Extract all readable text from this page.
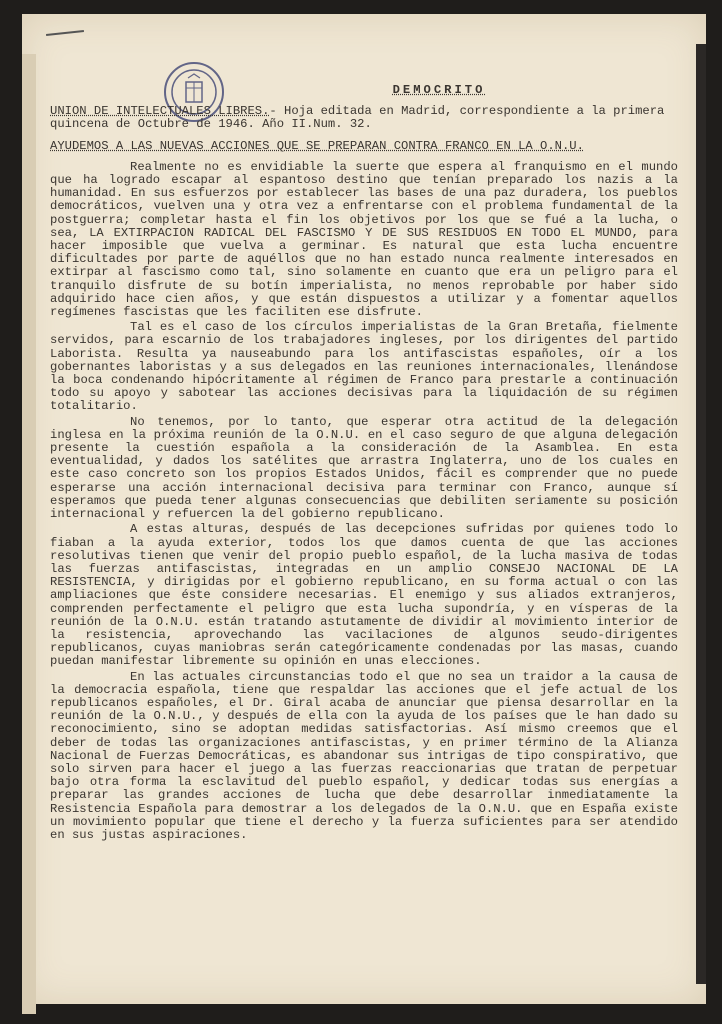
DEMOCRITO
UNION DE INTELECTUALES LIBRES.- Hoja editada en Madrid, correspondiente a la primera quincena de Octubre de 1946. Año II.Num. 32.
AYUDEMOS A LAS NUEVAS ACCIONES QUE SE PREPARAN CONTRA FRANCO EN LA O.N.U.

Realmente no es envidiable la suerte que espera al franquismo en el mundo que ha logrado escapar al espantoso destino que tenían preparado los nazis a la humanidad. En sus esfuerzos por establecer las bases de una paz duradera, los pueblos democráticos, vuelven una y otra vez a enfrentarse con el problema fundamental de la postguerra; completar hasta el fin los objetivos por los que se fué a la lucha, o sea, LA EXTIRPACION RADICAL DEL FASCISMO Y DE SUS RESIDUOS EN TODO EL MUNDO, para hacer imposible que vuelva a germinar. Es natural que esta lucha encuentre dificultades por parte de aquéllos que no han estado nunca realmente interesados en extirpar al fascismo como tal, sino solamente en cuanto que era un peligro para el tranquilo disfrute de su botín imperialista, no menos reprobable por haber sido adquirido hace cien años, y que están dispuestos a utilizar y a fomentar aquellos regímenes fascistas que les faciliten ese disfrute.

Tal es el caso de los círculos imperialistas de la Gran Bretaña, fielmente servidos, para escarnio de los trabajadores ingleses, por los dirigentes del partido Laborista. Resulta ya nauseabundo para los antifascistas españoles, oír a los gobernantes laboristas y a sus delegados en las reuniones internacionales, llenándose la boca condenando hipócritamente al régimen de Franco para prestarle a continuación todo su apoyo y sabotear las acciones decisivas para la liquidación de su régimen totalitario.

No tenemos, por lo tanto, que esperar otra actitud de la delegación inglesa en la próxima reunión de la O.N.U. en el caso seguro de que alguna delegación presente la cuestión española a la consideración de la Asamblea. En esta eventualidad, y dados los satélites que arrastra Inglaterra, uno de los cuales en este caso concreto son los propios Estados Unidos, fácil es comprender que no puede esperarse una acción internacional decisiva para terminar con Franco, aunque sí esperamos que pueda tener algunas consecuencias que debiliten seriamente su posición internacional y refuercen la del gobierno republicano.

A estas alturas, después de las decepciones sufridas por quienes todo lo fiaban a la ayuda exterior, todos los que damos cuenta de que las acciones resolutivas tienen que venir del propio pueblo español, de la lucha masiva de todas las fuerzas antifascistas, integradas en un amplio CONSEJO NACIONAL DE LA RESISTENCIA, y dirigidas por el gobierno republicano, en su forma actual o con las ampliaciones que éste considere necesarias. El enemigo y sus aliados extranjeros, comprenden perfectamente el peligro que esta lucha supondría, y en vísperas de la reunión de la O.N.U. están tratando astutamente de dividir al movimiento interior de la resistencia, aprovechando las vacilaciones de algunos seudo-dirigentes republicanos, cuyas maniobras serán categóricamente condenadas por las masas, cuando puedan manifestar libremente su opinión en unas elecciones.

En las actuales circunstancias todo el que no sea un traidor a la causa de la democracia española, tiene que respaldar las acciones que el jefe actual de los republicanos españoles, el Dr. Giral acaba de anunciar que piensa desarrollar en la reunión de la O.N.U., y después de ella con la ayuda de los países que le han dado su reconocimiento, sino se adoptan medidas satisfactorias. Así mismo creemos que el deber de todas las organizaciones antifascistas, y en primer término de la Alianza Nacional de Fuerzas Democráticas, es abandonar sus intrigas de tipo conspirativo, que solo sirven para hacer el juego a las fuerzas reaccionarias que tratan de perpetuar bajo otra forma la esclavitud del pueblo español, y dedicar todas sus energías a preparar las grandes acciones de lucha que debe desarrollar inmediatamente la Resistencia Española para demostrar a los delegados de la O.N.U. que en España existe un movimiento popular que tiene el derecho y la fuerza suficientes para ser atendido en sus justas aspiraciones.
